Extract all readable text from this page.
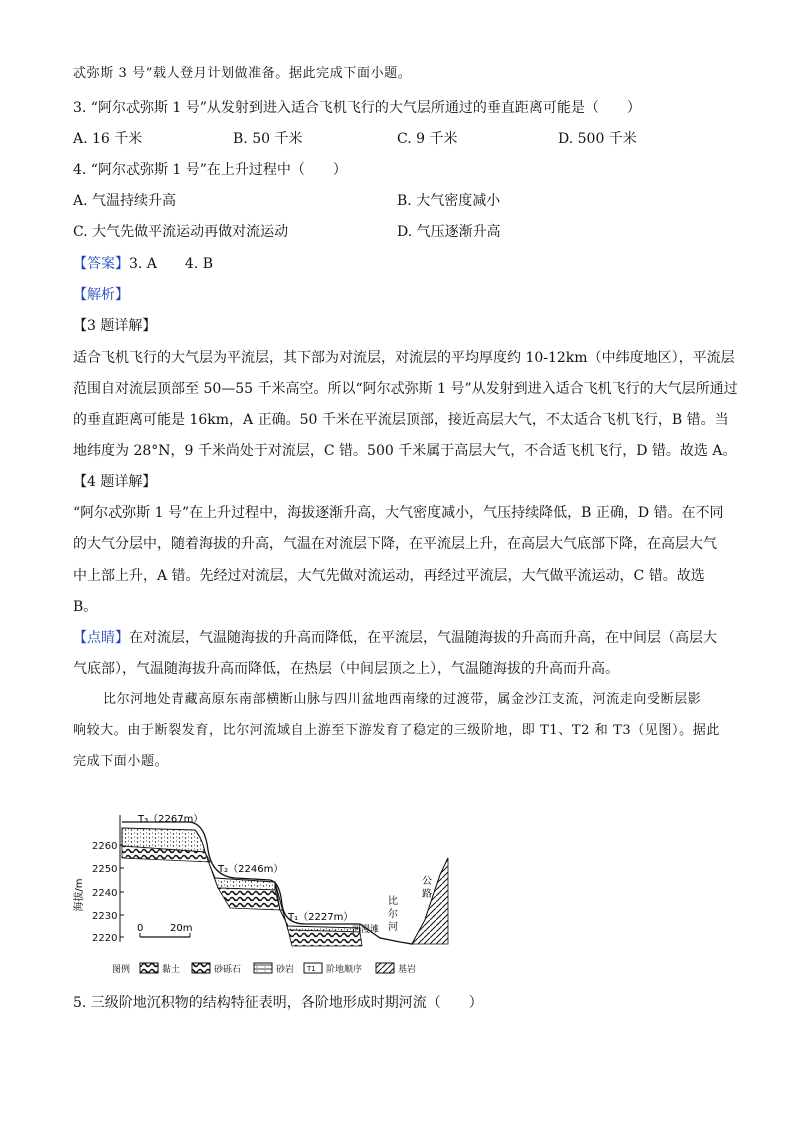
忒弥斯 3 号”载人登月计划做准备。据此完成下面小题。
3. “阿尔忒弥斯 1 号”从发射到进入适合飞机飞行的大气层所通过的垂直距离可能是（　　）
A. 16 千米	B. 50 千米	C. 9 千米	D. 500 千米
4. “阿尔忒弥斯 1 号”在上升过程中（　　）
A. 气温持续升高	B. 大气密度减小
C. 大气先做平流运动再做对流运动	D. 气压逐渐升高
【答案】3. A　　4. B
【解析】
【3 题详解】
适合飞机飞行的大气层为平流层，其下部为对流层，对流层的平均厚度约 10-12km（中纬度地区），平流层
范围自对流层顶部至 50—55 千米高空。所以“阿尔忒弥斯 1 号”从发射到进入适合飞机飞行的大气层所通过
的垂直距离可能是 16km，A 正确。50 千米在平流层顶部，接近高层大气，不太适合飞机飞行，B 错。当
地纬度为 28°N，9 千米尚处于对流层，C 错。500 千米属于高层大气，不合适飞机飞行，D 错。故选 A。
【4 题详解】
“阿尔忒弥斯 1 号”在上升过程中，海拔逐渐升高，大气密度减小，气压持续降低，B 正确，D 错。在不同
的大气分层中，随着海拔的升高，气温在对流层下降，在平流层上升，在高层大气底部下降，在高层大气
中上部上升，A 错。先经过对流层，大气先做对流运动，再经过平流层，大气做平流运动，C 错。故选
B。
【点睛】在对流层，气温随海拔的升高而降低，在平流层，气温随海拔的升高而升高，在中间层（高层大
气底部），气温随海拔升高而降低，在热层（中间层顶之上），气温随海拔的升高而升高。
比尔河地处青藏高原东南部横断山脉与四川盆地西南缘的过渡带，属金沙江支流，河流走向受断层影
响较大。由于断裂发育，比尔河流域自上游至下游发育了稳定的三级阶地，即 T1、T2 和 T3（见图）。据此
完成下面小题。
2260
2250
2240
2230
2220
海拔/m
T₃（2267m）
T₂（2246m）
T₁（2227m）
河漫滩
比
尔
河
公
路
0	20m
图例	黏土	砂砾石	砂岩 T1 阶地顺序	基岩
5. 三级阶地沉积物的结构特征表明，各阶地形成时期河流（　　）
